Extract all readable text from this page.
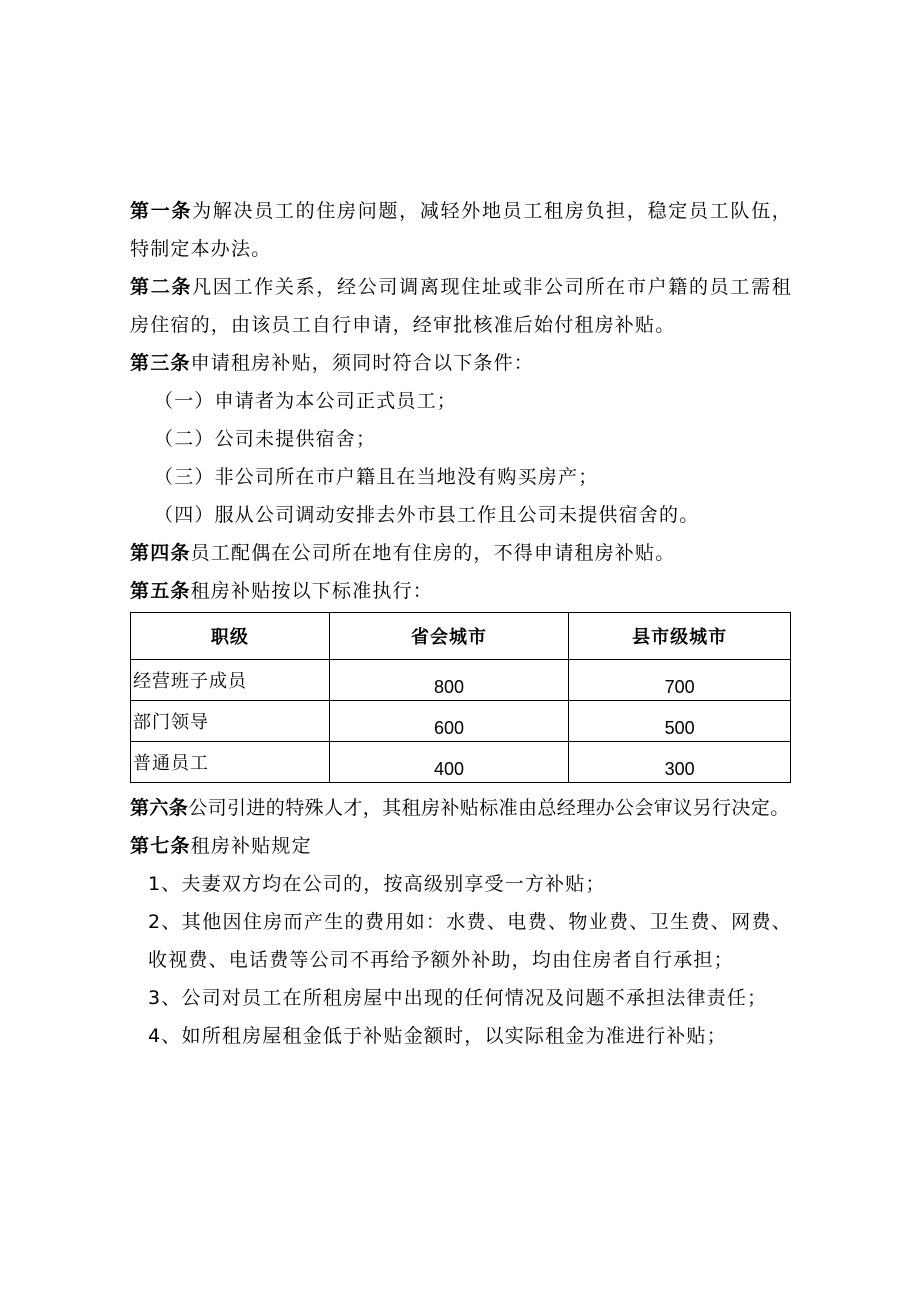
第一条为解决员工的住房问题，减轻外地员工租房负担，稳定员工队伍，特制定本办法。

第二条凡因工作关系，经公司调离现住址或非公司所在市户籍的员工需租房住宿的，由该员工自行申请，经审批核准后始付租房补贴。

第三条申请租房补贴，须同时符合以下条件：

（一）申请者为本公司正式员工；

（二）公司未提供宿舍；

（三）非公司所在市户籍且在当地没有购买房产；

（四）服从公司调动安排去外市县工作且公司未提供宿舍的。

第四条员工配偶在公司所在地有住房的，不得申请租房补贴。

第五条租房补贴按以下标准执行：

职级	省会城市	县市级城市
经营班子成员	800	700
部门领导	600	500
普通员工	400	300

第六条公司引进的特殊人才，其租房补贴标准由总经理办公会审议另行决定。

第七条租房补贴规定

1、夫妻双方均在公司的，按高级别享受一方补贴；

2、其他因住房而产生的费用如：水费、电费、物业费、卫生费、网费、收视费、电话费等公司不再给予额外补助，均由住房者自行承担；

3、公司对员工在所租房屋中出现的任何情况及问题不承担法律责任；

4、如所租房屋租金低于补贴金额时，以实际租金为准进行补贴；
